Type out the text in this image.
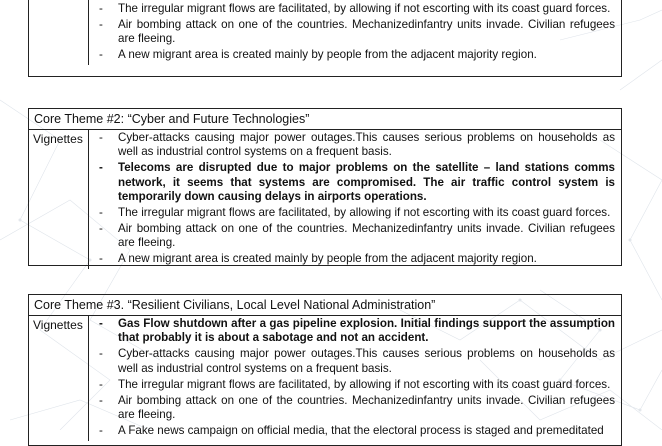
-
- The irregular migrant flows are facilitated, by allowing if not escorting with its coast guard forces.
- Air bombing attack on one of the countries. Mechanizedinfantry units invade. Civilian refugees are fleeing.
- A new migrant area is created mainly by people from the adjacent majority region.
Core Theme #2: “Cyber and Future Technologies”
Vignettes	- Cyber-attacks causing major power outages.This causes serious problems on households as well as industrial control systems on a frequent basis.
- Telecoms are disrupted due to major problems on the satellite – land stations comms network, it seems that systems are compromised. The air traffic control system is temporarily down causing delays in airports operations.
- The irregular migrant flows are facilitated, by allowing if not escorting with its coast guard forces.
- Air bombing attack on one of the countries. Mechanizedinfantry units invade. Civilian refugees are fleeing.
- A new migrant area is created mainly by people from the adjacent majority region.
Core Theme #3. “Resilient Civilians, Local Level National Administration”
Vignettes	- Gas Flow shutdown after a gas pipeline explosion. Initial findings support the assumption that probably it is about a sabotage and not an accident.
- Cyber-attacks causing major power outages.This causes serious problems on households as well as industrial control systems on a frequent basis.
- The irregular migrant flows are facilitated, by allowing if not escorting with its coast guard forces.
- Air bombing attack on one of the countries. Mechanizedinfantry units invade. Civilian refugees are fleeing.
- A Fake news campaign on official media, that the electoral process is staged and premeditated
